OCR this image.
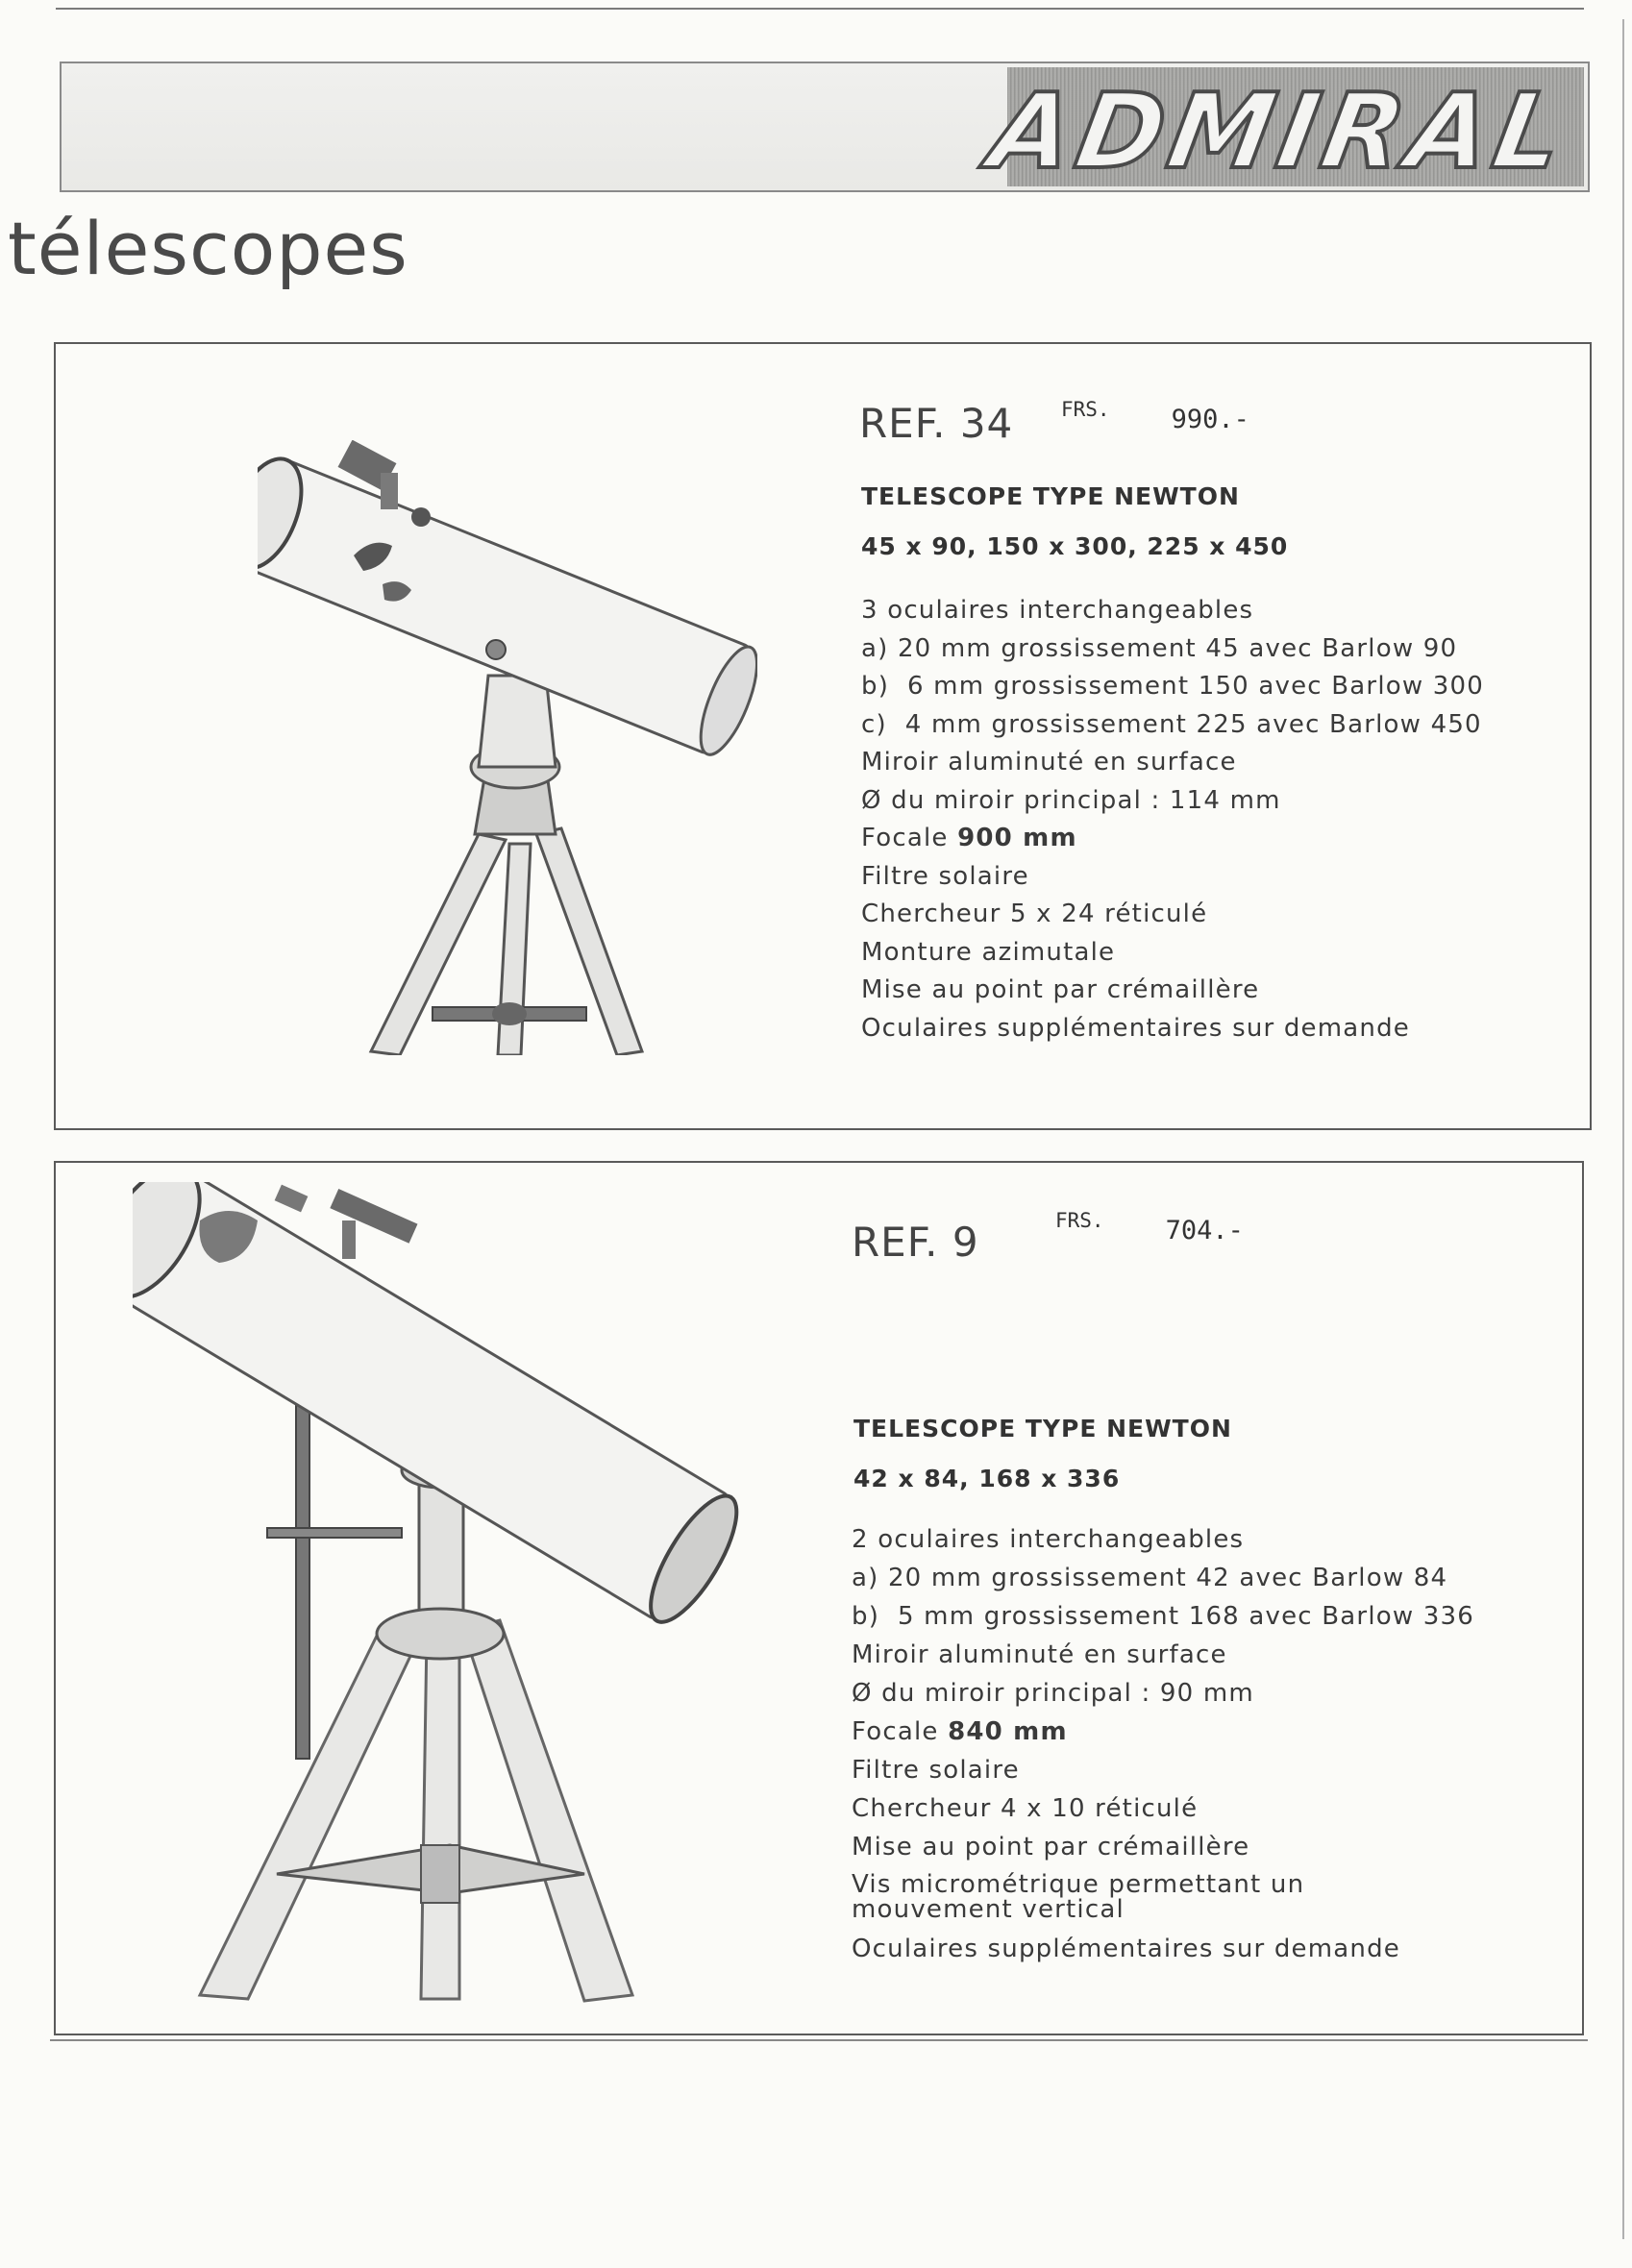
ADMIRAL
télescopes
REF. 34 $^{FRS.}$ 990.-
TELESCOPE TYPE NEWTON
45 x 90, 150 x 300, 225 x 450
3 oculaires interchangeables
a) 20 mm grossissement 45 avec Barlow 90
b)  6 mm grossissement 150 avec Barlow 300
c)  4 mm grossissement 225 avec Barlow 450
Miroir aluminuté en surface
Ø du miroir principal : 114 mm
Focale 900 mm
Filtre solaire
Chercheur 5 x 24 réticulé
Monture azimutale
Mise au point par crémaillère
Oculaires supplémentaires sur demande
REF. 9	$^{FRS.}$ 704.-
TELESCOPE TYPE NEWTON
42 x 84, 168 x 336
2 oculaires interchangeables
a) 20 mm grossissement 42 avec Barlow 84
b)  5 mm grossissement 168 avec Barlow 336
Miroir aluminuté en surface
Ø du miroir principal : 90 mm
Focale 840 mm
Filtre solaire
Chercheur 4 x 10 réticulé
Mise au point par crémaillère
Vis micrométrique permettant un mouvement vertical
Oculaires supplémentaires sur demande
